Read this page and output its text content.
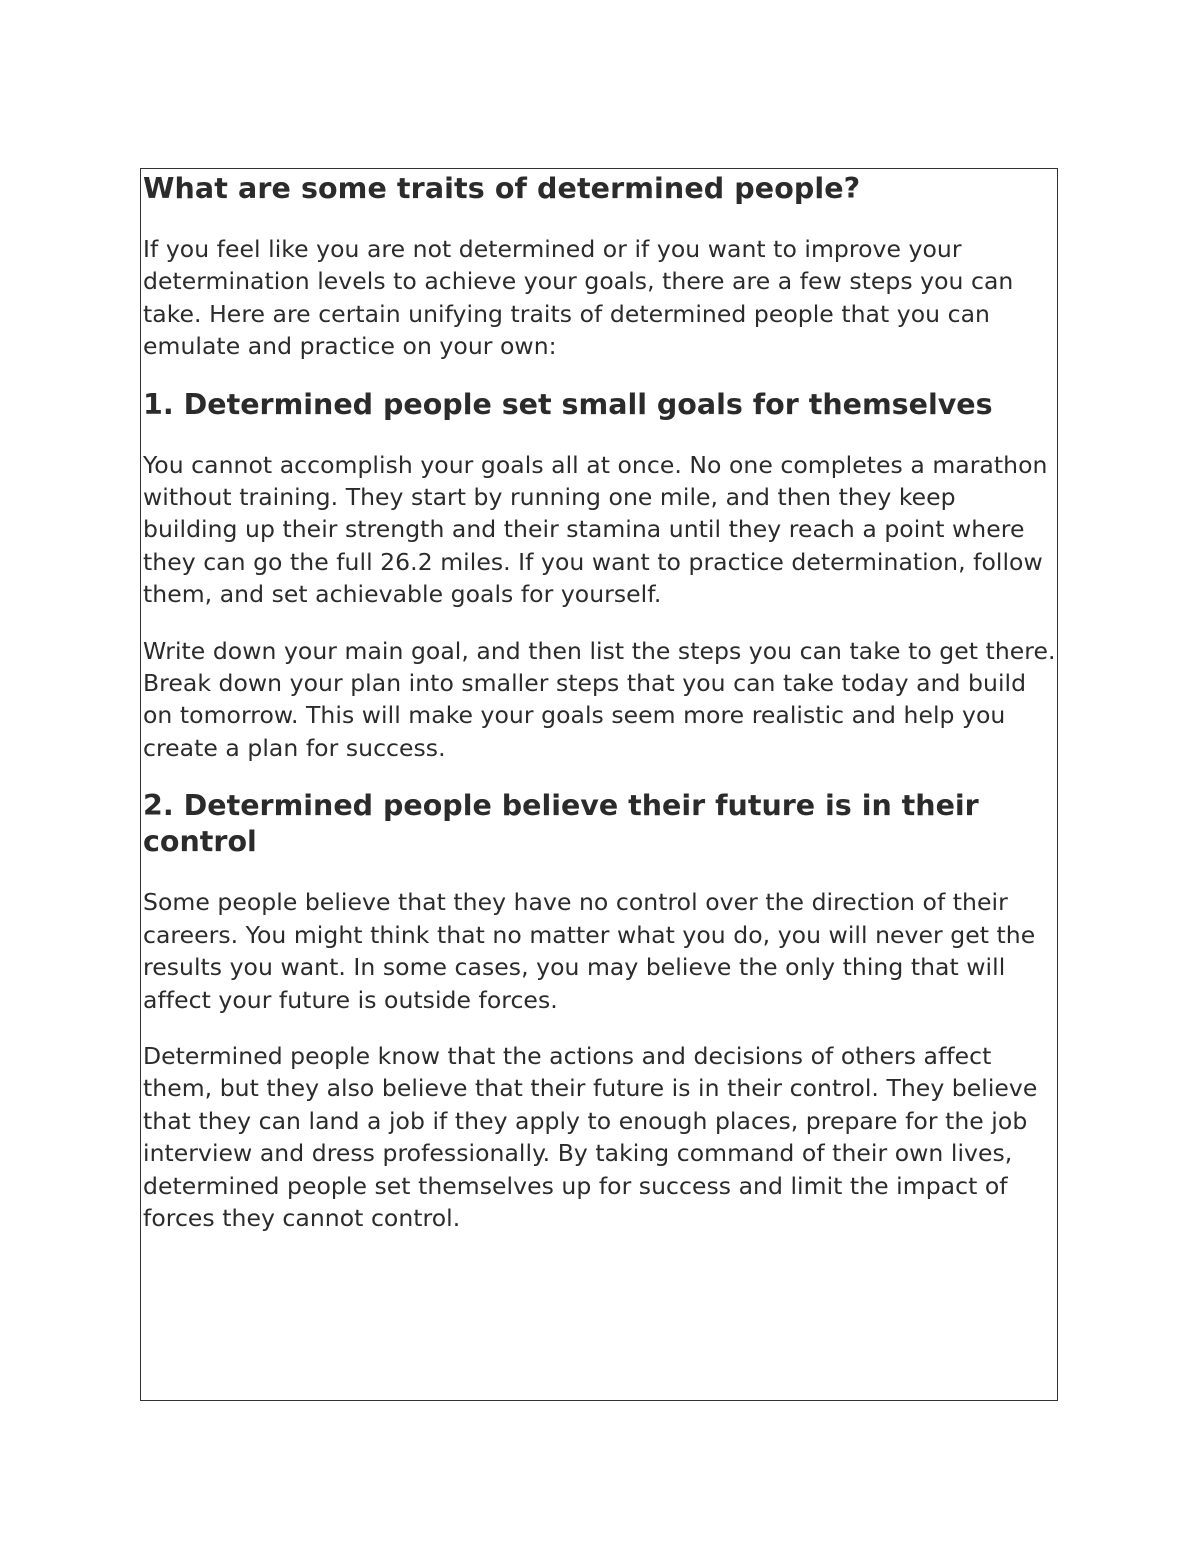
What are some traits of determined people?

If you feel like you are not determined or if you want to improve your determination levels to achieve your goals, there are a few steps you can take. Here are certain unifying traits of determined people that you can emulate and practice on your own:

1. Determined people set small goals for themselves

You cannot accomplish your goals all at once. No one completes a marathon without training. They start by running one mile, and then they keep building up their strength and their stamina until they reach a point where they can go the full 26.2 miles. If you want to practice determination, follow them, and set achievable goals for yourself.

Write down your main goal, and then list the steps you can take to get there. Break down your plan into smaller steps that you can take today and build on tomorrow. This will make your goals seem more realistic and help you create a plan for success.

2. Determined people believe their future is in their control

Some people believe that they have no control over the direction of their careers. You might think that no matter what you do, you will never get the results you want. In some cases, you may believe the only thing that will affect your future is outside forces.

Determined people know that the actions and decisions of others affect them, but they also believe that their future is in their control. They believe that they can land a job if they apply to enough places, prepare for the job interview and dress professionally. By taking command of their own lives, determined people set themselves up for success and limit the impact of forces they cannot control.
